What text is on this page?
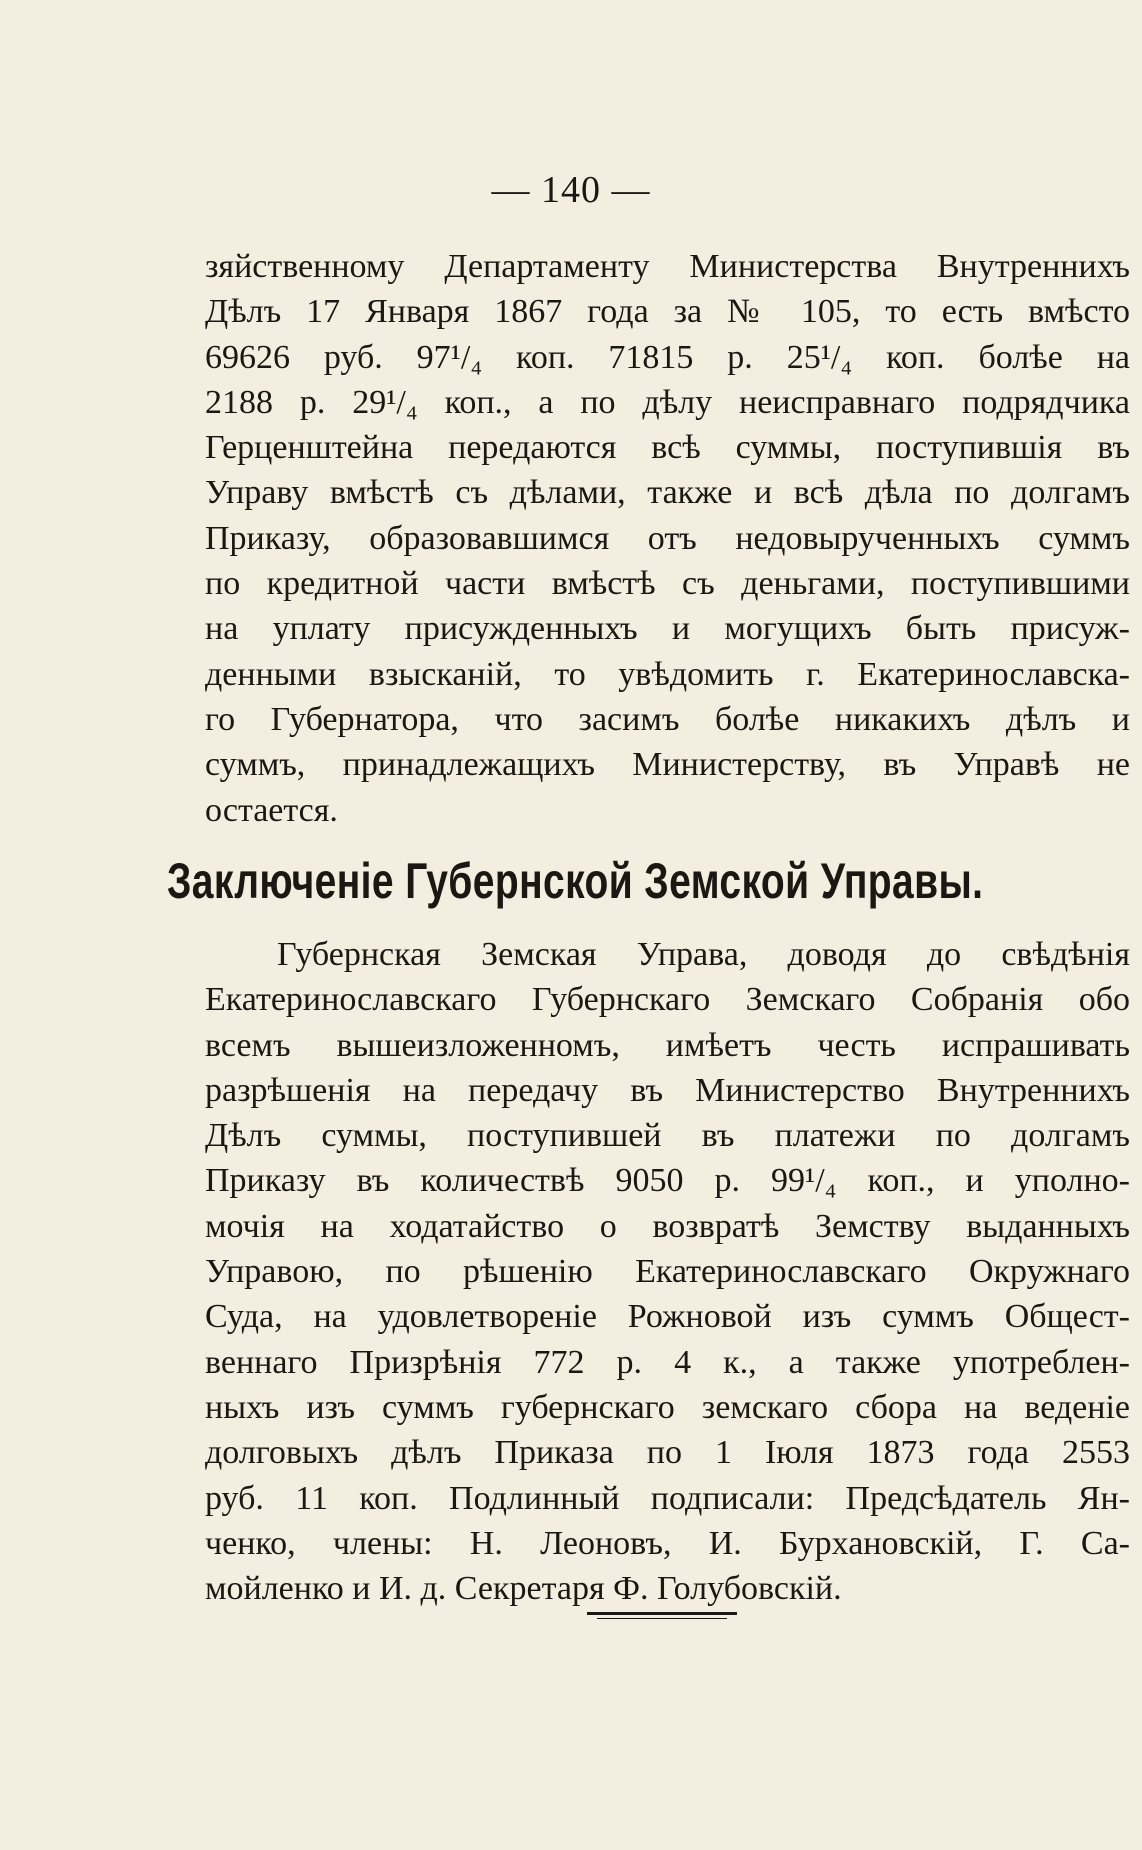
— 140 —
зяйственному Департаменту Министерства Внутреннихъ
Дѣлъ 17 Января 1867 года за № 105, то есть вмѣсто
69626 руб. 97¹/₄ коп. 71815 р. 25¹/₄ коп. болѣе на
2188 р. 29¹/₄ коп., а по дѣлу неисправнаго подрядчика
Герценштейна передаются всѣ суммы, поступившія въ
Управу вмѣстѣ съ дѣлами, также и всѣ дѣла по долгамъ
Приказу, образовавшимся отъ недовырученныхъ суммъ
по кредитной части вмѣстѣ съ деньгами, поступившими
на уплату присужденныхъ и могущихъ быть присуж-
денными взысканій, то увѣдомить г. Екатеринославска-
го Губернатора, что засимъ болѣе никакихъ дѣлъ и
суммъ, принадлежащихъ Министерству, въ Управѣ не
остается.
Заключеніе Губернской Земской Управы.
Губернская Земская Управа, доводя до свѣдѣнія
Екатеринославскаго Губернскаго Земскаго Собранія обо
всемъ вышеизложенномъ, имѣетъ честь испрашивать
разрѣшенія на передачу въ Министерство Внутреннихъ
Дѣлъ суммы, поступившей въ платежи по долгамъ
Приказу въ количествѣ 9050 р. 99¹/₄ коп., и уполно-
мочія на ходатайство о возвратѣ Земству выданныхъ
Управою, по рѣшенію Екатеринославскаго Окружнаго
Суда, на удовлетвореніе Рожновой изъ суммъ Общест-
веннаго Призрѣнія 772 р. 4 к., а также употреблен-
ныхъ изъ суммъ губернскаго земскаго сбора на веденіе
долговыхъ дѣлъ Приказа по 1 Іюля 1873 года 2553
руб. 11 коп. Подлинный подписали: Предсѣдатель Ян-
ченко, члены: Н. Леоновъ, И. Бурхановскій, Г. Са-
мойленко и И. д. Секретаря Ф. Голубовскій.
